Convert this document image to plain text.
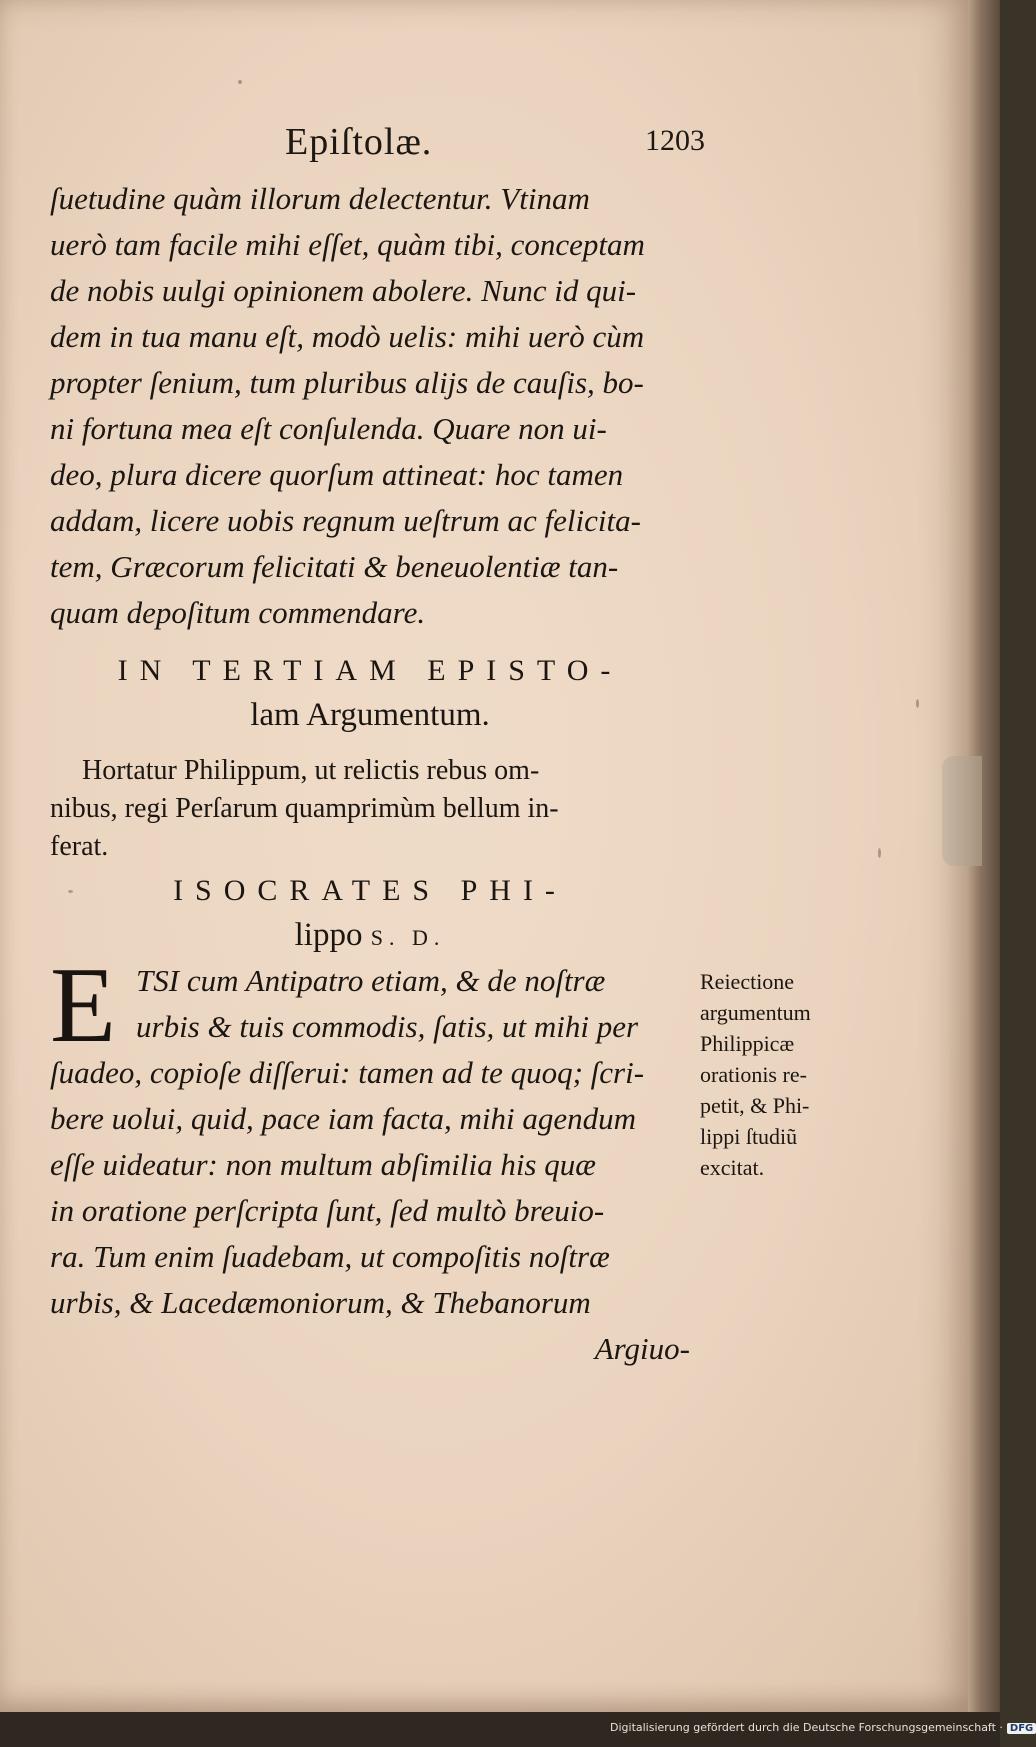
Epiſtolæ.	1203
ſuetudine quàm illorum delectentur. Vtinam
uerò tam facile mihi eſſet, quàm tibi, conceptam
de nobis uulgi opinionem abolere. Nunc id qui-
dem in tua manu eſt, modò uelis: mihi uerò cùm
propter ſenium, tum pluribus alijs de cauſis, bo-
ni fortuna mea eſt conſulenda. Quare non ui-
deo, plura dicere quorſum attineat: hoc tamen
addam, licere uobis regnum ueſtrum ac felicita-
tem, Græcorum felicitati & beneuolentiæ tan-
quam depoſitum commendare.
IN TERTIAM EPISTO-
lam Argumentum.
Hortatur Philippum, ut relictis rebus om-
nibus, regi Perſarum quamprimùm bellum in-
ferat.
ISOCRATES PHI-
lippo S. D.
E TSI cum Antipatro etiam, & de noſtræ
urbis & tuis commodis, ſatis, ut mihi per
ſuadeo, copioſe diſſerui: tamen ad te quoq; ſcri-
bere uolui, quid, pace iam facta, mihi agendum
eſſe uideatur: non multum abſimilia his quæ
in oratione perſcripta ſunt, ſed multò breuio-
ra. Tum enim ſuadebam, ut compoſitis noſtræ
urbis, & Lacedæmoniorum, & Thebanorum
Argiuo-
Reiectione
argumentum
Philippicæ
orationis re-
petit, & Phi-
lippi ſtudiũ
excitat.
Digitalisierung gefördert durch die Deutsche Forschungsgemeinschaft · DFG
